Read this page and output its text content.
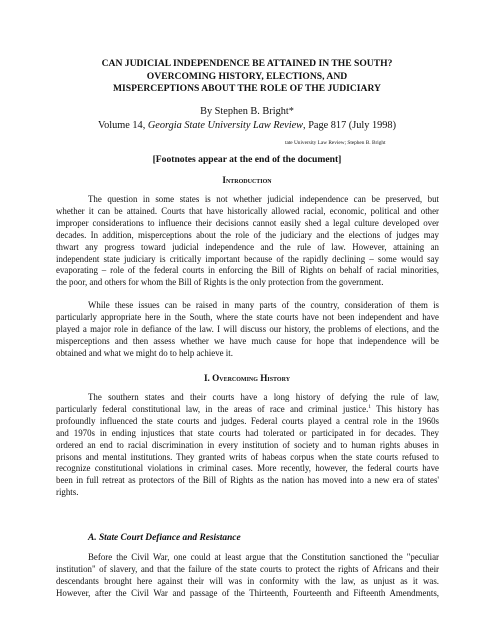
CAN JUDICIAL INDEPENDENCE BE ATTAINED IN THE SOUTH?
OVERCOMING HISTORY, ELECTIONS, AND
MISPERCEPTIONS ABOUT THE ROLE OF THE JUDICIARY
By Stephen B. Bright*
Volume 14, Georgia State University Law Review, Page 817 (July 1998)
tate University Law Review; Stephen B. Bright
[Footnotes appear at the end of the document]
Introduction
The question in some states is not whether judicial independence can be preserved, but
whether it can be attained. Courts that have historically allowed racial, economic, political and other
improper considerations to influence their decisions cannot easily shed a legal culture developed over
decades. In addition, misperceptions about the role of the judiciary and the elections of judges may
thwart any progress toward judicial independence and the rule of law. However, attaining an
independent state judiciary is critically important because of the rapidly declining – some would say
evaporating – role of the federal courts in enforcing the Bill of Rights on behalf of racial minorities,
the poor, and others for whom the Bill of Rights is the only protection from the government.
While these issues can be raised in many parts of the country, consideration of them is
particularly appropriate here in the South, where the state courts have not been independent and have
played a major role in defiance of the law. I will discuss our history, the problems of elections, and the
misperceptions and then assess whether we have much cause for hope that independence will be
obtained and what we might do to help achieve it.
I. Overcoming History
The southern states and their courts have a long history of defying the rule of law,
particularly federal constitutional law, in the areas of race and criminal justice.$^1$ This history has
profoundly influenced the state courts and judges. Federal courts played a central role in the 1960s
and 1970s in ending injustices that state courts had tolerated or participated in for decades. They
ordered an end to racial discrimination in every institution of society and to human rights abuses in
prisons and mental institutions. They granted writs of habeas corpus when the state courts refused to
recognize constitutional violations in criminal cases. More recently, however, the federal courts have
been in full retreat as protectors of the Bill of Rights as the nation has moved into a new era of states'
rights.
A. State Court Defiance and Resistance
Before the Civil War, one could at least argue that the Constitution sanctioned the "peculiar
institution" of slavery, and that the failure of the state courts to protect the rights of Africans and their
descendants brought here against their will was in conformity with the law, as unjust as it was.
However, after the Civil War and passage of the Thirteenth, Fourteenth and Fifteenth Amendments,
